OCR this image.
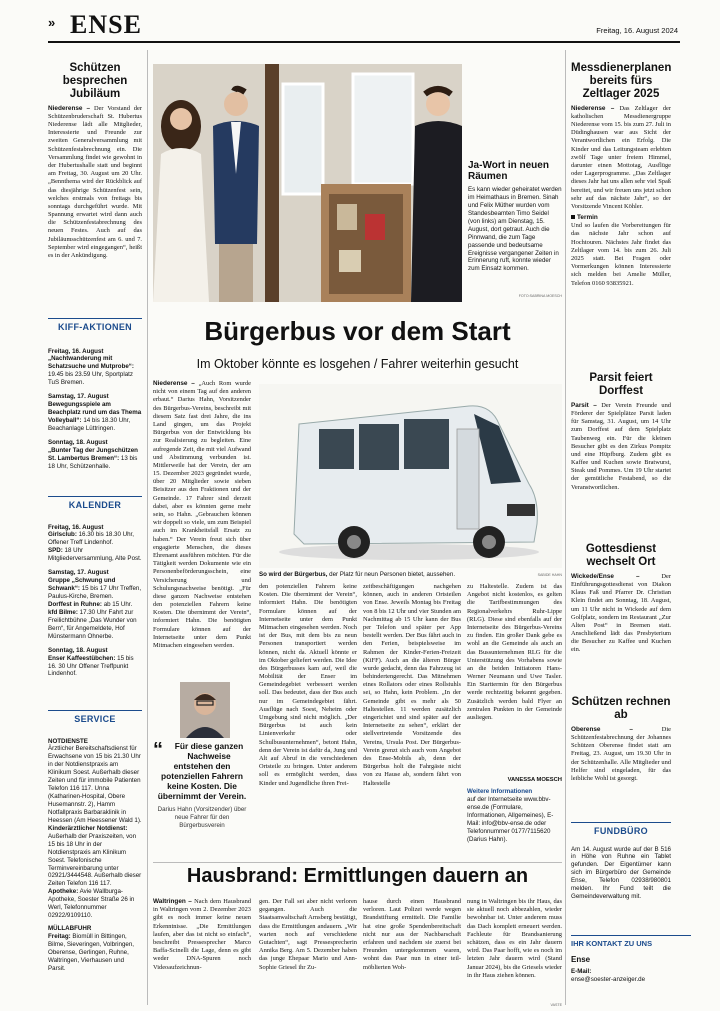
» ENSE	Freitag, 16. August 2024
Schützen besprechen Jubiläum

Niederense – Der Vorstand der Schützenbruderschaft St. Hubertus Niederense lädt alle Mitglieder, Interessierte und Freunde zur zweiten Generalversammlung mit Schützenfestabrechnung ein. Die Versammlung findet wie gewohnt in der Hubertushalle statt und beginnt am Freitag, 30. August um 20 Uhr. „Bennthema wird der Rückblick auf das diesjährige Schützenfest sein, welches erstmals von freitags bis sonntags durchgeführt wurde. Mit Spannung erwartet wird dann auch die Schützenfestabrechnung des neuen Festes. Auch auf das Jubiläumsschützenfest am 6. und 7. September wird eingegangen“, heißt es in der Ankündigung.

KIFF-AKTIONEN
Freitag, 16. August

„Nachtwanderung mit Schatzsuche und Mutprobe“: 19.45 bis 23.59 Uhr, Sportplatz TuS Bremen.

Samstag, 17. August

Bewegungsspiele am Beachplatz rund um das Thema Volleyball“: 14 bis 18.30 Uhr, Beachanlage Lüttringen.

Sonntag, 18. August

„Bunter Tag der Jungschützen St. Lambertus Bremen“: 13 bis 18 Uhr, Schützenhalle.

KALENDER
Freitag, 16. August

Girlsclub: 16.30 bis 18.30 Uhr, Offener Treff Lindenhof.

SPD: 18 Uhr Mitgliederversammlung, Alte Post.

Samstag, 17. August

Gruppe „Schwung und Schwank“: 15 bis 17 Uhr Treffen, Paulus-Kirche, Bremen.

Dorffest in Ruhne: ab 15 Uhr.

kfd Bilme: 17.30 Uhr Fahrt zur Freilichtbühne „Das Wunder von Bern“, für Angemeldete, Hof Münstermann Ohnerbe.

Sonntag, 18. August

Enser Kaffeestübchen: 15 bis 16. 30 Uhr Offener Treffpunkt Lindenhof.

SERVICE
NOTDIENSTE

Ärztlicher Bereitschaftsdienst für Erwachsene von 15 bis 21.30 Uhr in der Notdienstpraxis am Klinikum Soest. Außerhalb dieser Zeiten und für immobile Patienten Telefon 116 117. Unna (Katharinen-Hospital, Obere Husemannstr. 2), Hamm Notfallpraxis Barbaraklinik in Heessen (Am Heessener Wald 1).

Kinderärztlicher Notdienst: Außerhalb der Praxiszeiten, von 15 bis 18 Uhr in der Notdienstpraxis am Klinikum Soest. Telefonische Terminvereinbarung unter 02921/3444548. Außerhalb dieser Zeiten Telefon 116 117.

Apotheke: Avie Wallburga-Apotheke, Soester Straße 26 in Werl, Telefonnummer 02922/9109110.

MÜLLABFUHR

Freitag: Biomüll in Bittingen, Bilme, Sieveringen, Volbringen, Oberense, Gerlingen, Ruhne, Waltringen, Vierhausen und Parsit.

FOTO:SABRINA MOESCH
Ja-Wort in neuen Räumen

Es kann wieder geheiratet werden im Heimathaus in Bremen. Sinah und Felix Müther wurden vom Standesbeamten Timo Seidel (von links) am Dienstag, 15. August, dort getraut. Auch die Pinnwand, die zum Tage passende und bedeutsame Ereignisse vergangener Zeiten in Erinnerung ruft, konnte wieder zum Einsatz kommen.

Bürgerbus vor dem Start
Im Oktober könnte es losgehen / Fahrer weiterhin gesucht
Niederense – „Auch Rom wurde nicht von einem Tag auf den anderen erbaut.“ Darius Hahn, Vorsitzender des Bürgerbus-Vereins, beschreibt mit diesem Satz fast drei Jahre, die ins Land gingen, um das Projekt Bürgerbus von der Entwicklung bis zur Realisierung zu begleiten. Eine aufregende Zeit, die mit viel Aufwand und Abstimmung verbunden ist. Mittlerweile hat der Verein, der am 15. Dezember 2023 gegründet wurde, über 20 Mitglieder sowie sieben Beisitzer aus den Fraktionen und der Gemeinde. 17 Fahrer sind derzeit dabei, aber es könnten gerne mehr sein, so Hahn. „Gebrauchen können wir doppelt so viele, um zum Beispiel auch im Krankheitsfall Ersatz zu haben.“ Der Verein freut sich über engagierte Menschen, die dieses Ehrenamt ausführen möchten. Für die Tätigkeit werden Dokumente wie ein Personenbeförderungsschein, eine Versicherung und Schulungsnachweise benötigt. „Für diese ganzen Nachweise entstehen den potenziellen Fahrern keine Kosten. Die übernimmt der Verein“, informiert Hahn. Die benötigten Formulare können auf der Internetseite unter dem Punkt Mitmachen eingesehen werden.
So wird der Bürgerbus, der Platz für neun Personen bietet, aussehen.	SABIDE HAHN
“	Für diese ganzen Nachweise entstehen den potenziellen Fahrern keine Kosten. Die übernimmt der Verein.

Darius Hahn (Vorsitzender) über neue Fahrer für den Bürgerbusverein

den potenziellen Fahrern keine Kosten. Die übernimmt der Verein“, informiert Hahn. Die benötigten Formulare können auf der Internetseite unter dem Punkt Mitmachen eingesehen werden. Noch ist der Bus, mit dem bis zu neun Personen transportiert werden können, nicht da. Aktuell könnte er im Oktober geliefert werden. Die Idee des Bürgerbusses kam auf, weil die Mobilität der Enser im Gemeindegebiet verbessert werden soll. Das bedeutet, dass der Bus auch nur im Gemeindegebiet fährt. Ausflüge nach Soest, Neheim oder Umgebung sind nicht möglich. „Der Bürgerbus ist auch kein Linienverkehr oder Schulbusunternehmen“, betont Hahn, denn der Verein ist dafür da, Jung und Alt auf Abruf in die verschiedenen Ortsteile zu bringen. Unter anderem soll es ermöglicht werden, dass Kinder und Jugendliche ihren Frei-
zeitbeschäftigungen nachgehen können, auch in anderen Ortsteilen von Ense. Jeweils Montag bis Freitag von 8 bis 12 Uhr und vier Stunden am Nachmittag ab 15 Uhr kann der Bus per Telefon und später per App bestellt werden. Der Bus fährt auch in den Ferien, beispielsweise im Rahmen der Kinder-Ferien-Freizeit (KiFF). Auch an die älteren Bürger wurde gedacht, denn das Fahrzeug ist behindertengerecht. Das Mitnehmen eines Rollators oder eines Rollstuhls sei, so Hahn, kein Problem. „In der Gemeinde gibt es mehr als 50 Haltestellen. 11 werden zusätzlich eingerichtet und sind später auf der Internetseite zu sehen“, erklärt der stellvertretende Vorsitzende des Vereins, Ursula Post. Der Bürgerbus-Verein grenzt sich auch vom Angebot des Ense-Mobils ab, denn der Bürgerbus holt die Fahrgäste nicht von zu Hause ab, sondern fährt von Haltestelle

zu Haltestelle. Zudem ist das Angebot nicht kostenlos, es gelten die Tarifbestimmungen des Regionalverkehrs Ruhr-Lippe (RLG). Diese sind ebenfalls auf der Internetseite des Bürgerbus-Vereins zu finden. Ein großer Dank gebe es wohl an die Gemeinde als auch an das Bussunternehmen RLG für die Unterstützung des Vorhabens sowie an die beiden Initiatoren Hans-Werner Neumann und Uwe Tasler. Ein Starttermin für den Bürgerbus werde rechtzeitig bekannt gegeben. Zusätzlich werden bald Flyer an zentralen Punkten in der Gemeinde ausliegen.

VANESSA MOESCH

Weitere Informationen

auf der Internetseite www.bbv-ense.de (Formulare, Informationen, Allgemeines), E-Mail: info@bbv-ense.de oder Telefonnummer 0177/7115620 (Darius Hahn).

Hausbrand: Ermittlungen dauern an
Waltringen – Nach dem Hausbrand in Waltringen vom 2. Dezember 2023 gibt es noch immer keine neuen Erkenntnisse. „Die Ermittlungen laufen, aber das ist nicht so einfach“, beschreibt Pressesprecher Marco Baffa-Scinelli die Lage, denn es gibt weder DNA-Spuren noch Videoaufzeichnun-
gen. Der Fall sei aber nicht verloren gegangen. Auch die Staatsanwaltschaft Arnsberg bestätigt, dass die Ermittlungen andauern. „Wir warten noch auf verschiedene Gutachten“, sagt Pressesprecherin Annika Berg. Am 5. Dezember haben das junge Ehepaar Mario und Ann-Sophie Griesel ihr Zu-
hause durch einen Hausbrand verloren. Laut Polizei werde wegen Brandstiftung ermittelt. Die Familie hat eine große Spendenbereitschaft nicht nur aus der Nachbarschaft erfahren und nachdem sie zuerst bei Freunden untergekommen waren, wohnt das Paar nun in einer teil-möblierten Woh-
nung in Waltringen bis ihr Haus, das sie aktuell noch abbezahlen, wieder bewohnbar ist. Unter anderem muss das Dach komplett erneuert werden. Fachleute für Brandsanierung schätzen, dass es ein Jahr dauern wird. Das Paar hofft, wie es noch im letzten Jahr dauern wird (Stand Januar 2024), bis die Griesels wieder in ihr Haus ziehen können.
VASTE
Messdienerplanen bereits fürs Zeltlager 2025

Niederense – Das Zeltlager der katholischen Messdienergruppe Niederense vom 15. bis zum 27. Juli in Düdinghausen war aus Sicht der Verantwortlichen ein Erfolg. Die Kinder und das Leitungsteam erlebten zwölf Tage unter freiem Himmel, darunter einen Mottotag, Ausflüge oder Lagerprogramme. „Das Zeltlager dieses Jahr hat uns allen sehr viel Spaß bereitet, und wir freuen uns jetzt schon sehr auf das nächste Jahr“, so der Vorsitzende Vincent Köhler.

Termin

Und so laufen die Vorbereitungen für das nächste Jahr schon auf Hochtouren. Nächstes Jahr findet das Zeltlager vom 14. bis zum 26. Juli 2025 statt. Bei Fragen oder Vormerkungen können Interessierte sich melden bei Amelie Müller, Telefon 0160 93835921.

Parsit feiert Dorffest

Parsit – Der Verein Freunde und Förderer der Spielplätze Parsit laden für Samstag, 31. August, um 14 Uhr zum Dorffest auf dem Spielplatz Taubenweg ein. Für die kleinen Besucher gibt es den Zirkus Pompitz und eine Hüpfburg. Zudem gibt es Kaffee und Kuchen sowie Bratwurst, Steak und Pommes. Um 19 Uhr startet der gemütliche Festabend, so die Veranstwortlichen.

Gottesdienst wechselt Ort

Wickede/Ense –	Der Einführungsgottesdienst von Diakon Klaus Faß und Pfarrer Dr. Christian Klein findet am Sonntag, 18. August, um 11 Uhr nicht in Wickede auf dem Golfplatz, sondern im Restaurant „Zur Alten Post“ in Bremen statt. Anschließend lädt das Presbyterium die Besucher zu Kaffee und Kuchen ein.

Schützen rechnen ab

Oberense –	Die Schützenfestabrechnung der Johannes Schützen Oberense findet statt am Freitag, 23. August, um 19.30 Uhr in der Schützenhalle. Alle Mitglieder und Helfer sind eingeladen, für das leibliche Wohl ist gesorgt.

FUNDBÜRO

Am 14. August wurde auf der B 516 in Höhe von Ruhne ein Tablet gefunden. Der Eigentümer kann sich im Bürgerbüro der Gemeinde Ense, Telefon 02938/980801 melden. Ihr Fund teilt die Gemeindeverwaltung mit.

IHR KONTAKT ZU UNS
Ense
E-Mail:
ense@soester-anzeiger.de
